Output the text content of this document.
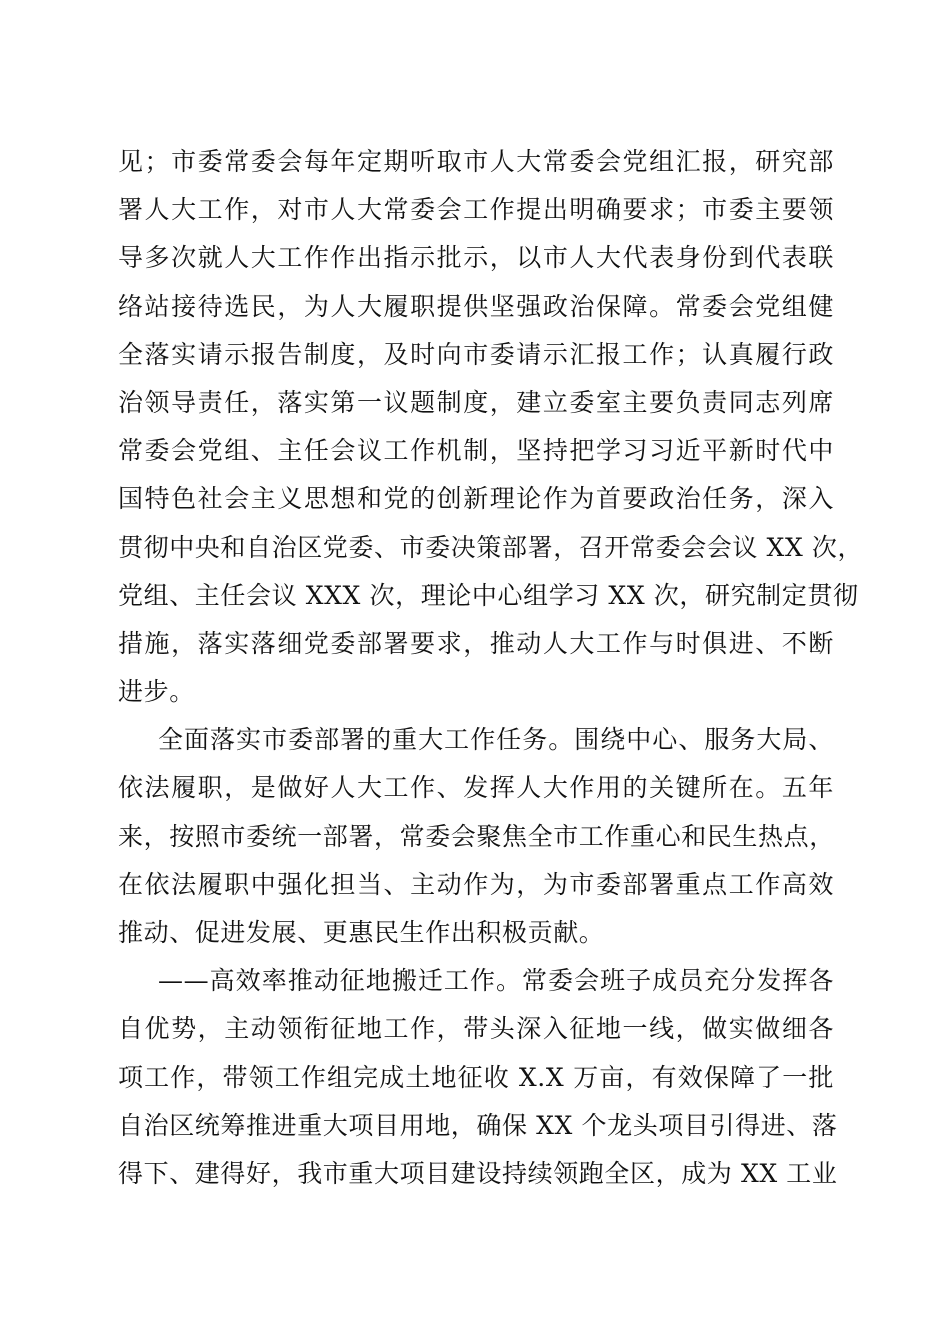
见；市委常委会每年定期听取市人大常委会党组汇报，研究部
署人大工作，对市人大常委会工作提出明确要求；市委主要领
导多次就人大工作作出指示批示，以市人大代表身份到代表联
络站接待选民，为人大履职提供坚强政治保障。常委会党组健
全落实请示报告制度，及时向市委请示汇报工作；认真履行政
治领导责任，落实第一议题制度，建立委室主要负责同志列席
常委会党组、主任会议工作机制，坚持把学习习近平新时代中
国特色社会主义思想和党的创新理论作为首要政治任务，深入
贯彻中央和自治区党委、市委决策部署，召开常委会会议 XX 次，
党组、主任会议 XXX 次，理论中心组学习 XX 次，研究制定贯彻
措施，落实落细党委部署要求，推动人大工作与时俱进、不断
进步。
全面落实市委部署的重大工作任务。围绕中心、服务大局、
依法履职，是做好人大工作、发挥人大作用的关键所在。五年
来，按照市委统一部署，常委会聚焦全市工作重心和民生热点，
在依法履职中强化担当、主动作为，为市委部署重点工作高效
推动、促进发展、更惠民生作出积极贡献。
——高效率推动征地搬迁工作。常委会班子成员充分发挥各
自优势，主动领衔征地工作，带头深入征地一线，做实做细各
项工作，带领工作组完成土地征收 X.X 万亩，有效保障了一批
自治区统筹推进重大项目用地，确保 XX 个龙头项目引得进、落
得下、建得好，我市重大项目建设持续领跑全区，成为 XX 工业
